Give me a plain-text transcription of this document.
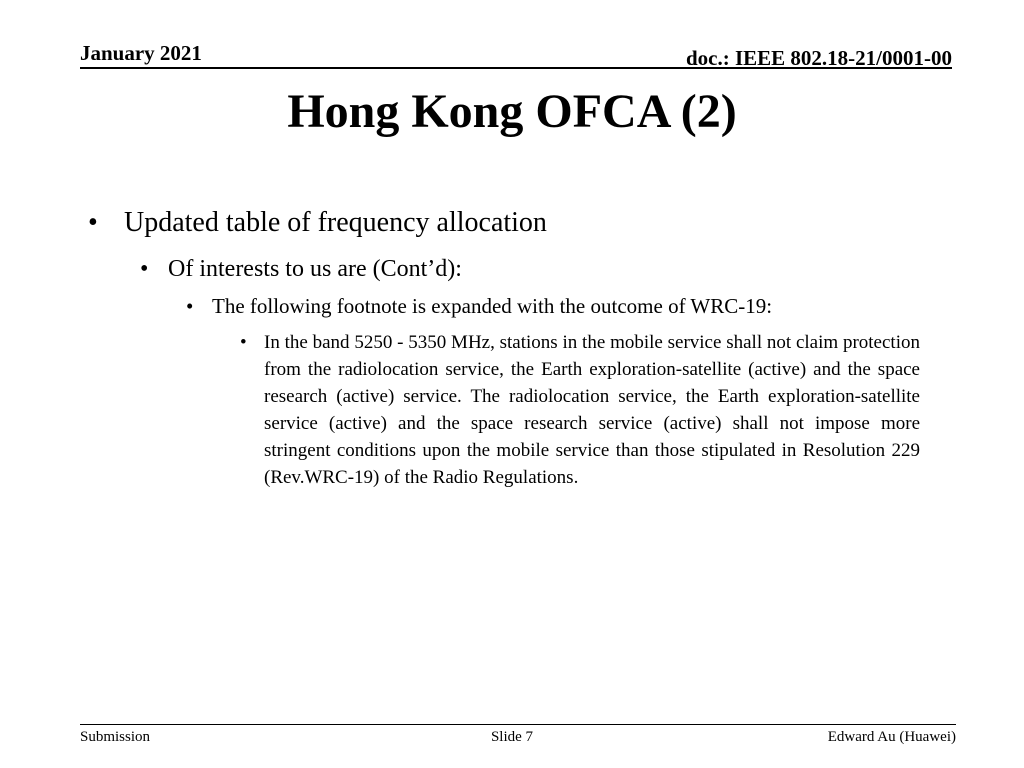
January 2021	doc.: IEEE 802.18-21/0001-00
Hong Kong OFCA (2)
• Updated table of frequency allocation
• Of interests to us are (Cont’d):
• The following footnote is expanded with the outcome of WRC-19:
• In the band 5250 - 5350 MHz, stations in the mobile service shall not claim protection from the radiolocation service, the Earth exploration-satellite (active) and the space research (active) service. The radiolocation service, the Earth exploration-satellite service (active) and the space research service (active) shall not impose more stringent conditions upon the mobile service than those stipulated in Resolution 229 (Rev.WRC-19) of the Radio Regulations.
Submission	Slide 7	Edward Au (Huawei)
